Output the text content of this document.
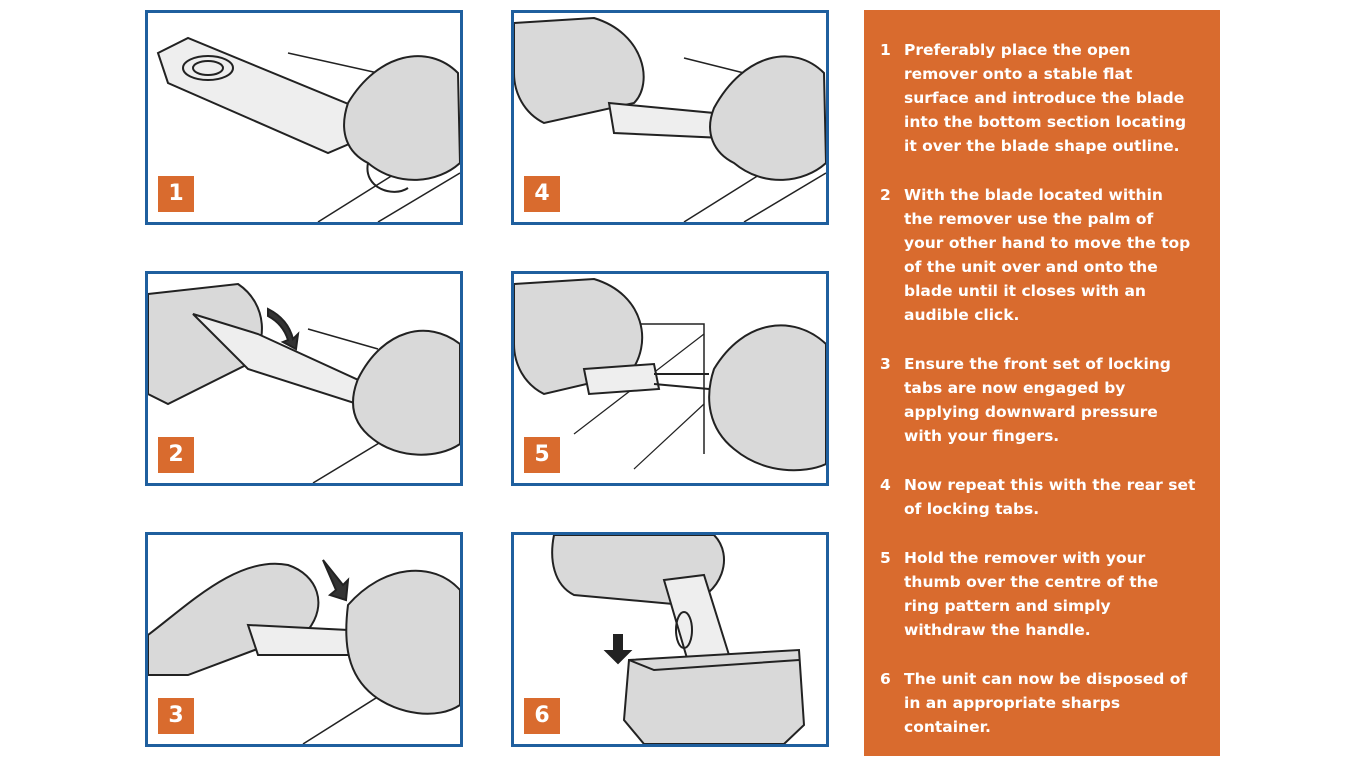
1	4
2	5
3	6
1 Preferably place the open remover onto a stable flat surface and introduce the blade into the bottom section locating it over the blade shape outline.
2 With the blade located within the remover use the palm of your other hand to move the top of the unit over and onto the blade until it closes with an audible click.
3 Ensure the front set of locking tabs are now engaged by applying downward pressure with your fingers.
4 Now repeat this with the rear set of locking tabs.
5 Hold the remover with your thumb over the centre of the ring pattern and simply withdraw the handle.
6 The unit can now be disposed of in an appropriate sharps container.
